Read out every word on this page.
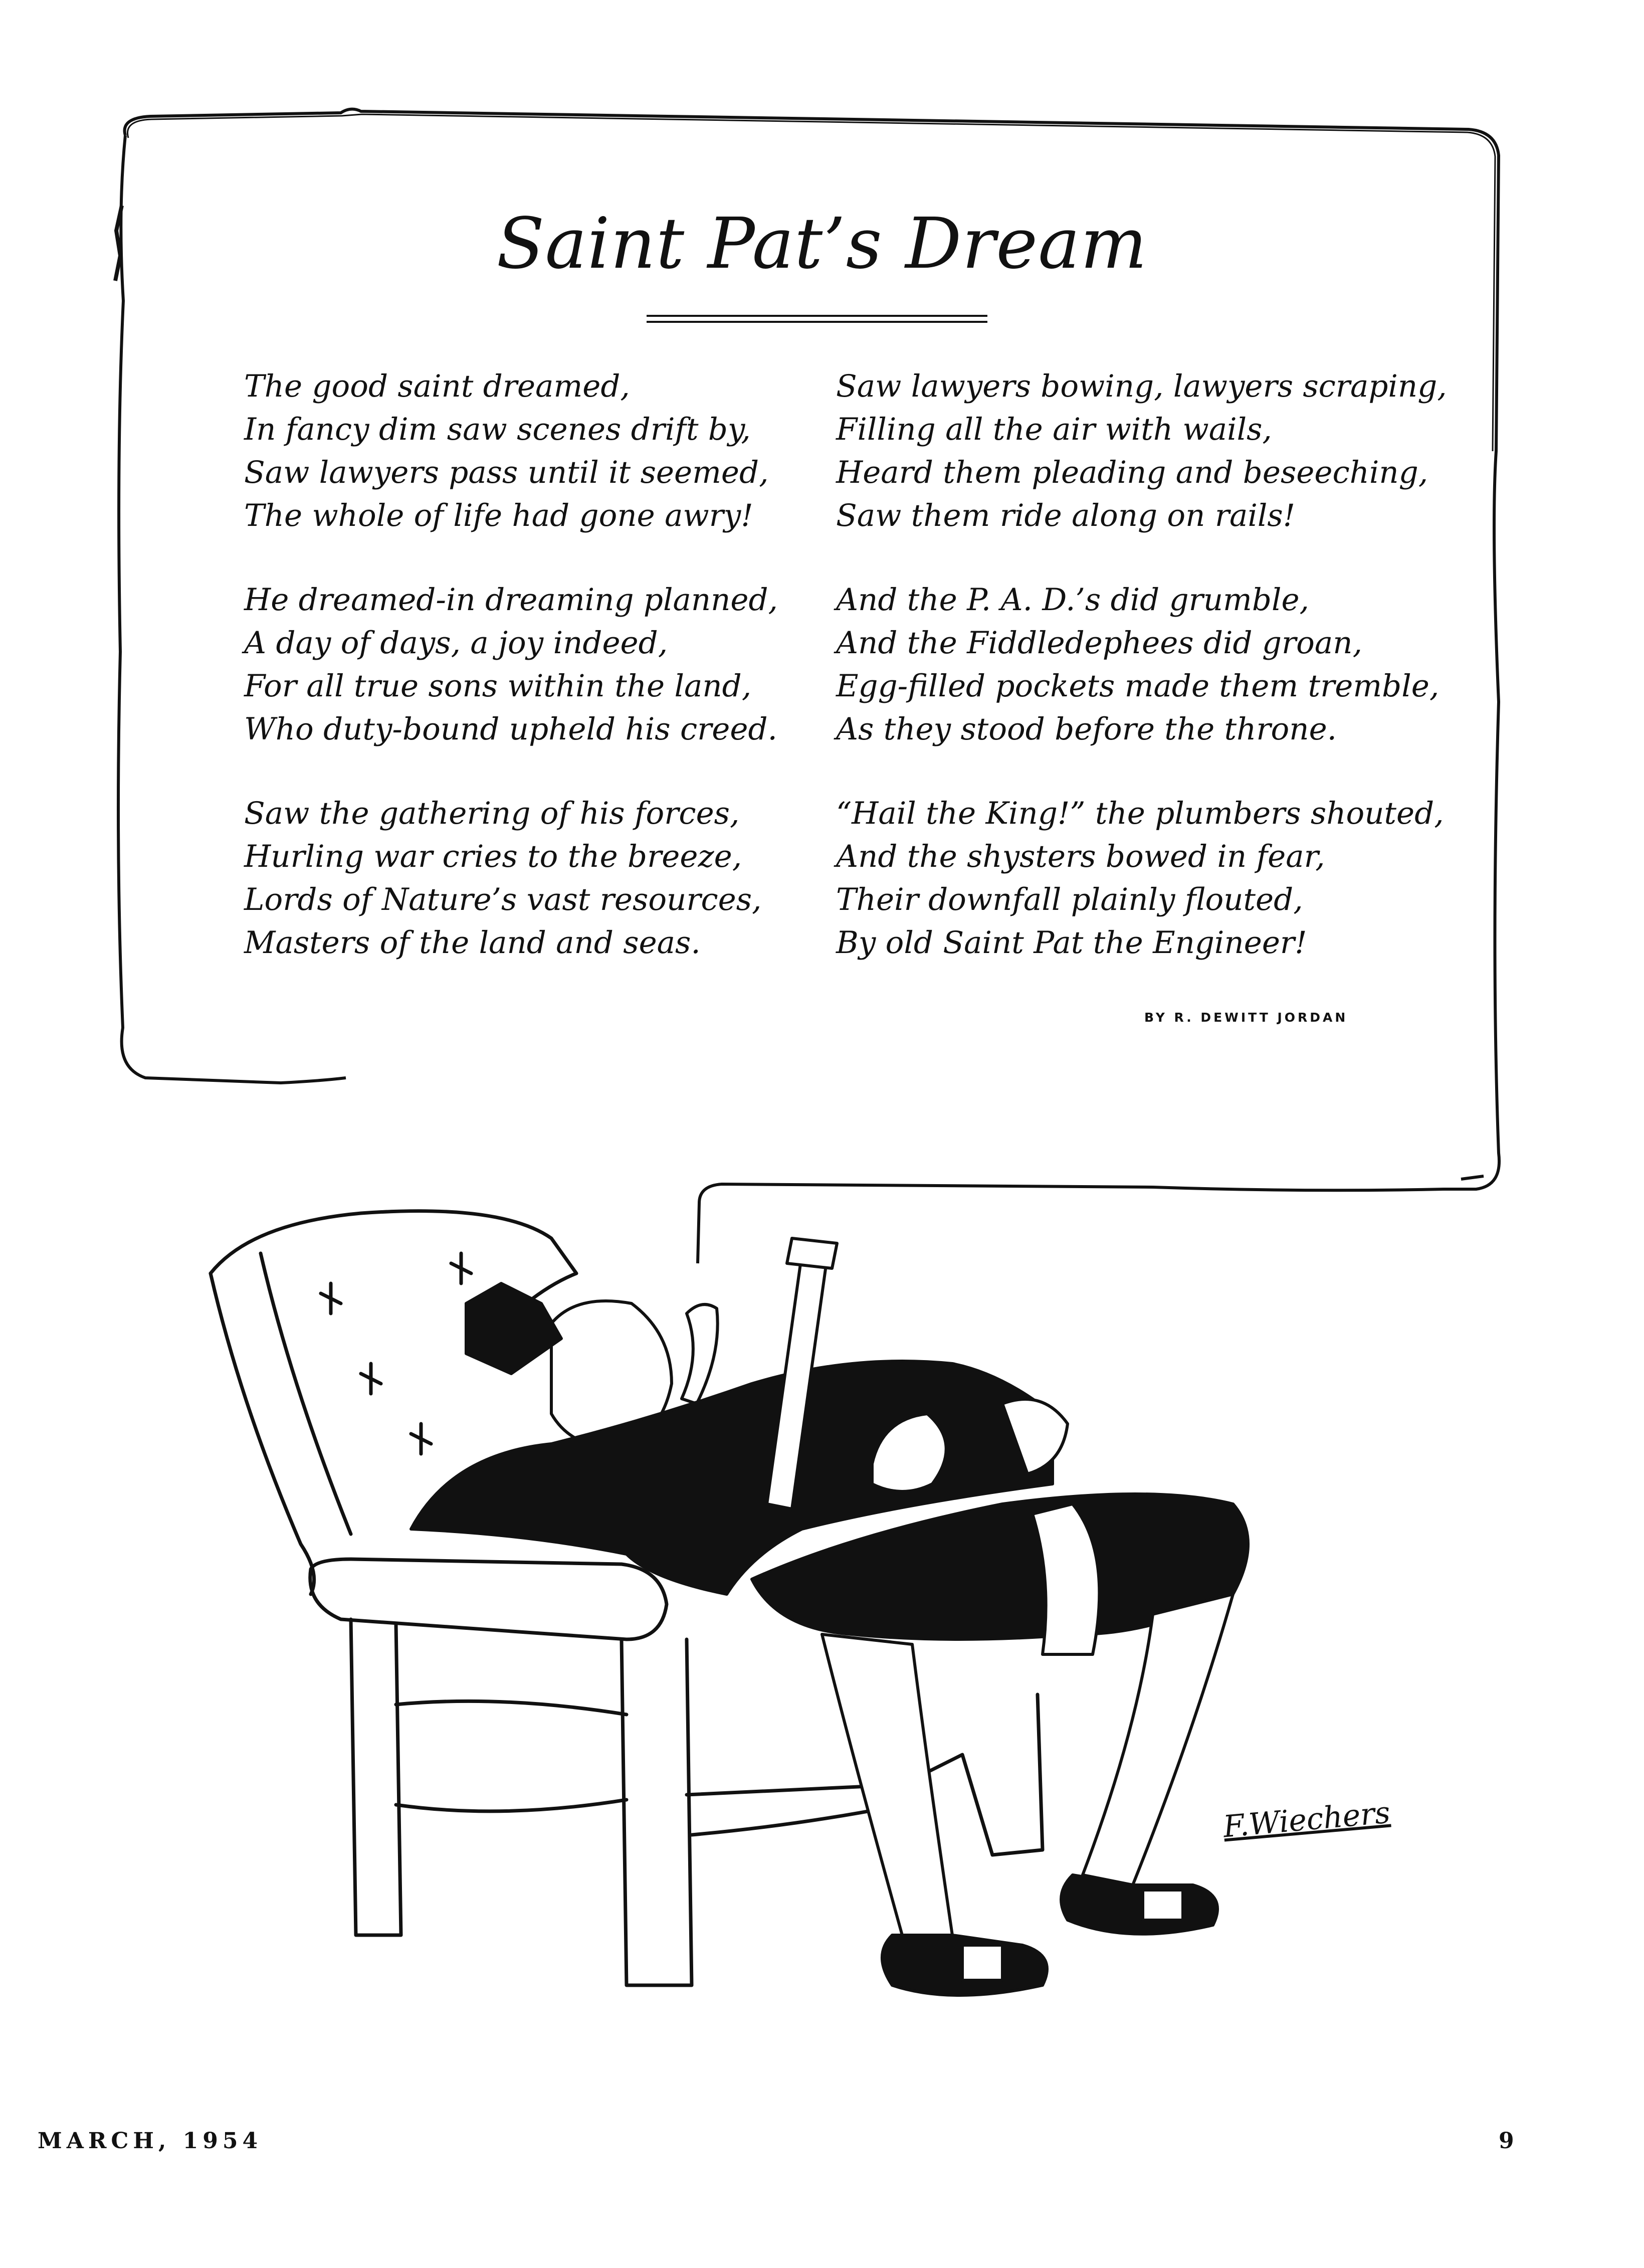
Saint Pat’s Dream
The good saint dreamed,
In fancy dim saw scenes drift by,
Saw lawyers pass until it seemed,
The whole of life had gone awry!
He dreamed-in dreaming planned,
A day of days, a joy indeed,
For all true sons within the land,
Who duty-bound upheld his creed.
Saw the gathering of his forces,
Hurling war cries to the breeze,
Lords of Nature’s vast resources,
Masters of the land and seas.
Saw lawyers bowing, lawyers scraping,
Filling all the air with wails,
Heard them pleading and beseeching,
Saw them ride along on rails!
And the P. A. D.’s did grumble,
And the Fiddledephees did groan,
Egg-filled pockets made them tremble,
As they stood before the throne.
“Hail the King!” the plumbers shouted,
And the shysters bowed in fear,
Their downfall plainly flouted,
By old Saint Pat the Engineer!
BY R. DEWITT JORDAN
F.Wiechers
MARCH, 1954	9
